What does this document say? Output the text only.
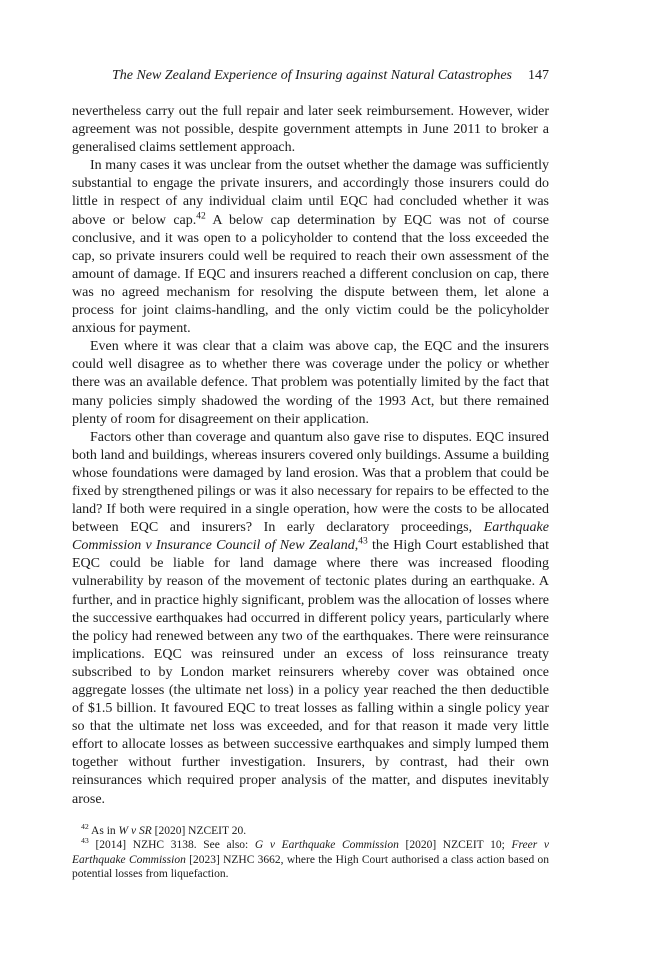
The New Zealand Experience of Insuring against Natural Catastrophes 147

nevertheless carry out the full repair and later seek reimbursement. However, wider agreement was not possible, despite government attempts in June 2011 to broker a generalised claims settlement approach.

In many cases it was unclear from the outset whether the damage was sufficiently substantial to engage the private insurers, and accordingly those insurers could do little in respect of any individual claim until EQC had concluded whether it was above or below cap.$^{42}$ A below cap determination by EQC was not of course conclusive, and it was open to a policyholder to contend that the loss exceeded the cap, so private insurers could well be required to reach their own assessment of the amount of damage. If EQC and insurers reached a different conclusion on cap, there was no agreed mechanism for resolving the dispute between them, let alone a process for joint claims-handling, and the only victim could be the policyholder anxious for payment.

Even where it was clear that a claim was above cap, the EQC and the insurers could well disagree as to whether there was coverage under the policy or whether there was an available defence. That problem was potentially limited by the fact that many policies simply shadowed the wording of the 1993 Act, but there remained plenty of room for disagreement on their application.

Factors other than coverage and quantum also gave rise to disputes. EQC insured both land and buildings, whereas insurers covered only buildings. Assume a building whose foundations were damaged by land erosion. Was that a problem that could be fixed by strengthened pilings or was it also necessary for repairs to be effected to the land? If both were required in a single operation, how were the costs to be allocated between EQC and insurers? In early declaratory proceedings, Earthquake Commission v Insurance Council of New Zealand,$^{43}$ the High Court established that EQC could be liable for land damage where there was increased flooding vulnerability by reason of the movement of tectonic plates during an earthquake. A further, and in practice highly significant, problem was the allocation of losses where the successive earthquakes had occurred in different policy years, particularly where the policy had renewed between any two of the earthquakes. There were reinsurance implications. EQC was reinsured under an excess of loss reinsurance treaty subscribed to by London market reinsurers whereby cover was obtained once aggregate losses (the ultimate net loss) in a policy year reached the then deductible of $1.5 billion. It favoured EQC to treat losses as falling within a single policy year so that the ultimate net loss was exceeded, and for that reason it made very little effort to allocate losses as between successive earthquakes and simply lumped them together without further investigation. Insurers, by contrast, had their own reinsurances which required proper analysis of the matter, and disputes inevitably arose.

$^{42}$ As in W v SR [2020] NZCEIT 20.

$^{43}$ [2014] NZHC 3138. See also: G v Earthquake Commission [2020] NZCEIT 10; Freer v Earthquake Commission [2023] NZHC 3662, where the High Court authorised a class action based on potential losses from liquefaction.
